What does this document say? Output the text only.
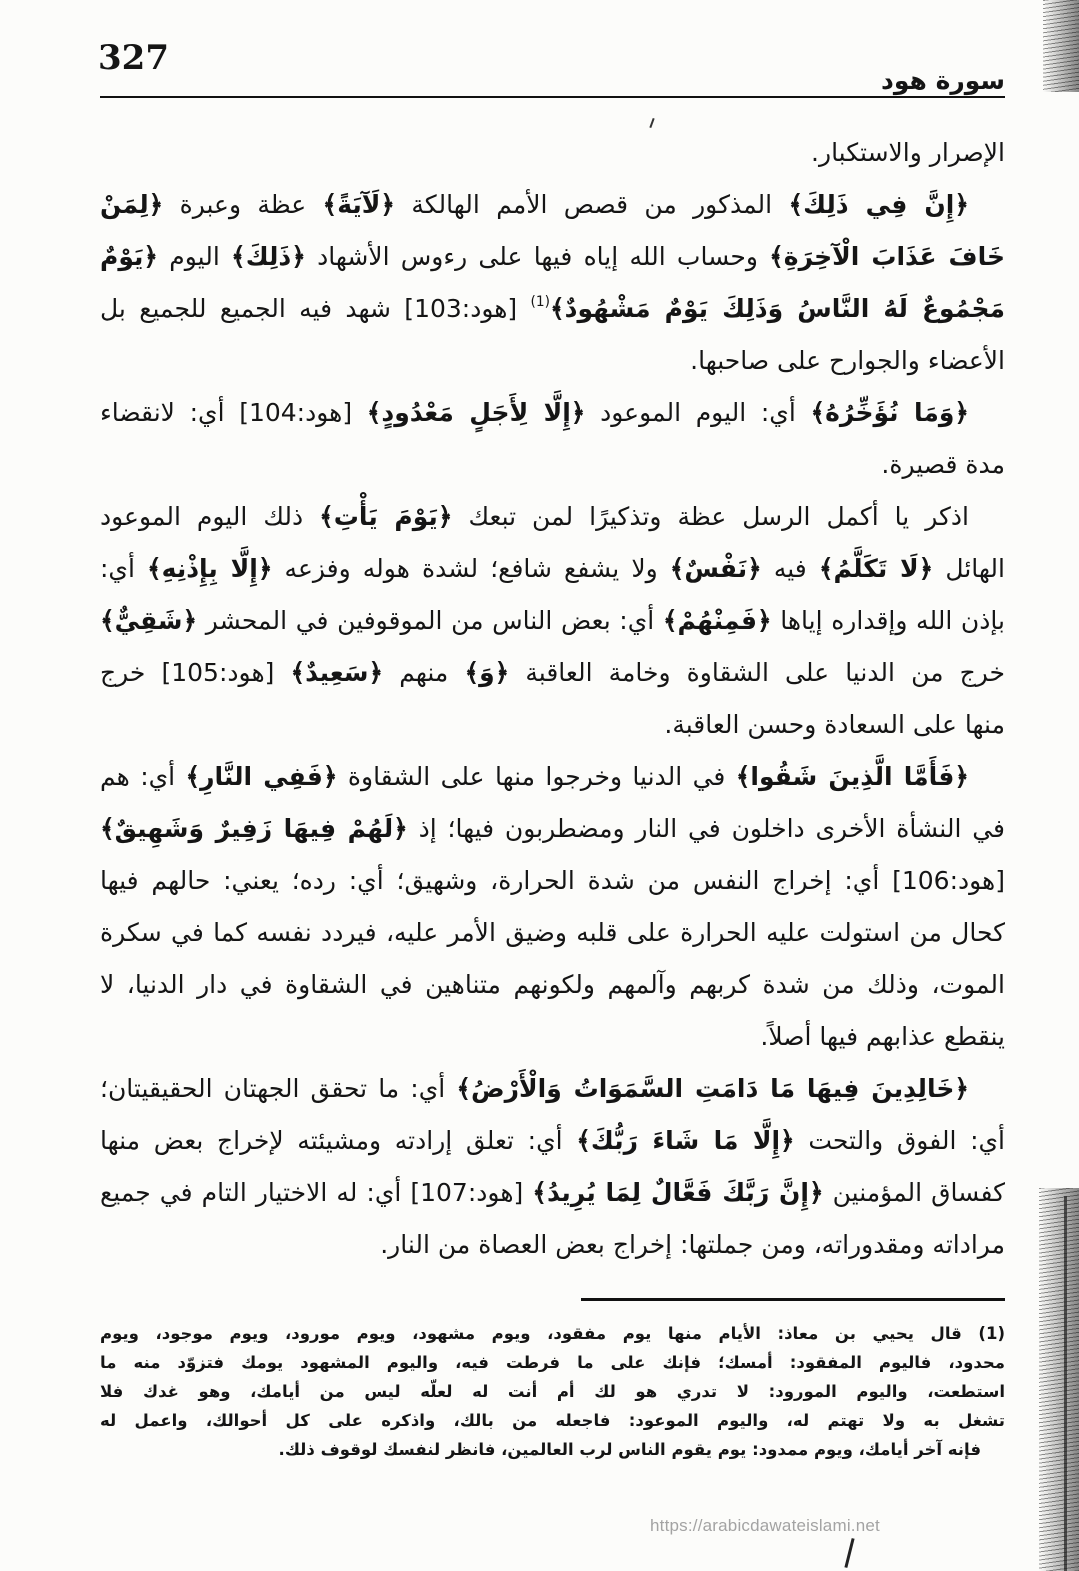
327
سورة هود
الإصرار والاستكبار.
﴿إِنَّ فِي ذَلِكَ﴾ المذكور من قصص الأمم الهالكة ﴿لَآيَةً﴾ عظة وعبرة ﴿لِمَنْ
خَافَ عَذَابَ الْآخِرَةِ﴾ وحساب الله إياه فيها على رءوس الأشهاد ﴿ذَلِكَ﴾ اليوم ﴿يَوْمٌ
مَجْمُوعٌ لَهُ النَّاسُ وَذَلِكَ يَوْمٌ مَشْهُودٌ﴾$^{(1)}$ [هود:103] شهد فيه الجميع للجميع بل
الأعضاء والجوارح على صاحبها.
﴿وَمَا نُؤَخِّرُهُ﴾ أي: اليوم الموعود ﴿إِلَّا لِأَجَلٍ مَعْدُودٍ﴾ [هود:104] أي: لانقضاء
مدة قصيرة.
اذكر يا أكمل الرسل عظة وتذكيرًا لمن تبعك ﴿يَوْمَ يَأْتِ﴾ ذلك اليوم الموعود
الهائل ﴿لَا تَكَلَّمُ﴾ فيه ﴿نَفْسٌ﴾ ولا يشفع شافع؛ لشدة هوله وفزعه ﴿إِلَّا بِإِذْنِهِ﴾ أي:
بإذن الله وإقداره إياها ﴿فَمِنْهُمْ﴾ أي: بعض الناس من الموقوفين في المحشر ﴿شَقِيٌّ﴾
خرج من الدنيا على الشقاوة وخامة العاقبة ﴿وَ﴾ منهم ﴿سَعِيدٌ﴾ [هود:105] خرج
منها على السعادة وحسن العاقبة.
﴿فَأَمَّا الَّذِينَ شَقُوا﴾ في الدنيا وخرجوا منها على الشقاوة ﴿فَفِي النَّارِ﴾ أي: هم
في النشأة الأخرى داخلون في النار ومضطربون فيها؛ إذ ﴿لَهُمْ فِيهَا زَفِيرٌ وَشَهِيقٌ﴾
[هود:106] أي: إخراج النفس من شدة الحرارة، وشهيق؛ أي: رده؛ يعني: حالهم فيها
كحال من استولت عليه الحرارة على قلبه وضيق الأمر عليه، فيردد نفسه كما في سكرة
الموت، وذلك من شدة كربهم وآلمهم ولكونهم متناهين في الشقاوة في دار الدنيا، لا
ينقطع عذابهم فيها أصلاً.
﴿خَالِدِينَ فِيهَا مَا دَامَتِ السَّمَوَاتُ وَالْأَرْضُ﴾ أي: ما تحقق الجهتان الحقيقيتان؛
أي: الفوق والتحت ﴿إِلَّا مَا شَاءَ رَبُّكَ﴾ أي: تعلق إرادته ومشيئته لإخراج بعض منها
كفساق المؤمنين ﴿إِنَّ رَبَّكَ فَعَّالٌ لِمَا يُرِيدُ﴾ [هود:107] أي: له الاختيار التام في جميع
مراداته ومقدوراته، ومن جملتها: إخراج بعض العصاة من النار.
(1) قال يحيي بن معاذ: الأيام منها يوم مفقود، ويوم مشهود، ويوم مورود، ويوم موجود، ويوم
محدود، فاليوم المفقود: أمسك؛ فإنك على ما فرطت فيه، واليوم المشهود يومك فتزوّد منه ما
استطعت، واليوم المورود: لا تدري هو لك أم أنت له لعلّه ليس من أيامك، وهو غدك فلا
تشغل به ولا تهتم له، واليوم الموعود: فاجعله من بالك، واذكره على كل أحوالك، واعمل له
فإنه آخر أيامك، ويوم ممدود: يوم يقوم الناس لرب العالمين، فانظر لنفسك لوقوف ذلك.
https://arabicdawateislami.net
